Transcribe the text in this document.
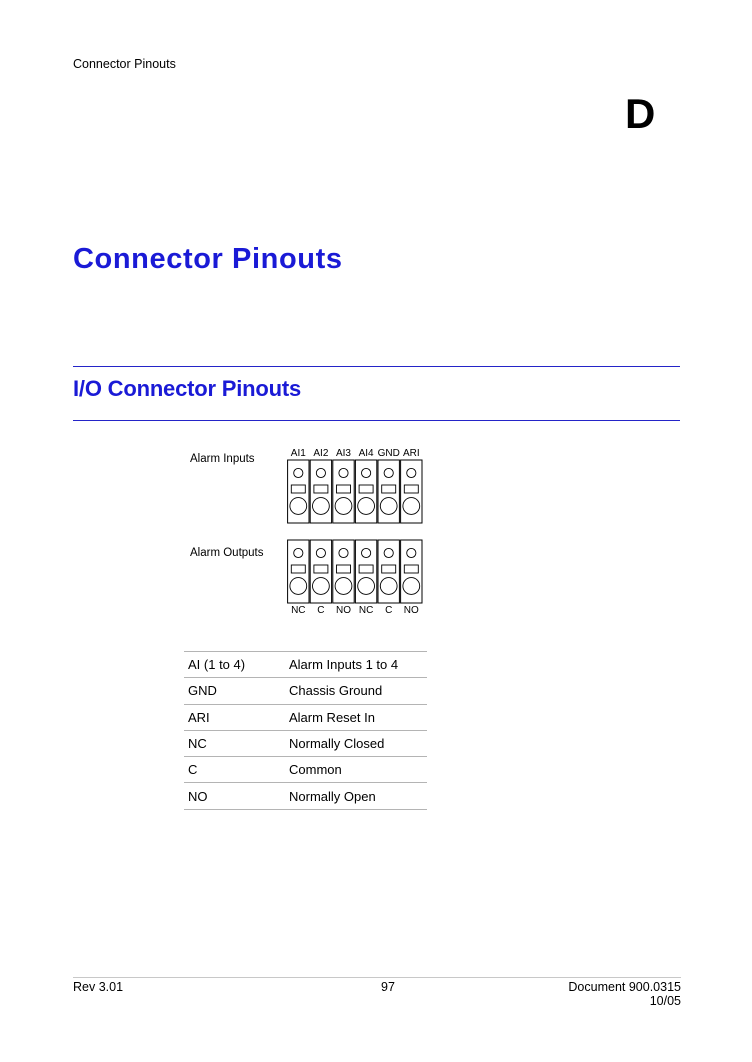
Connector Pinouts
D
Connector Pinouts
I/O Connector Pinouts
Alarm Inputs
Alarm Outputs
AI1 AI2 AI3 AI4 GND ARI
NC C NO NC C NO
AI (1 to 4)	Alarm Inputs 1 to 4
GND	Chassis Ground
ARI	Alarm Reset In
NC	Normally Closed
C	Common
NO	Normally Open
Rev 3.01	97	Document 900.0315
10/05
